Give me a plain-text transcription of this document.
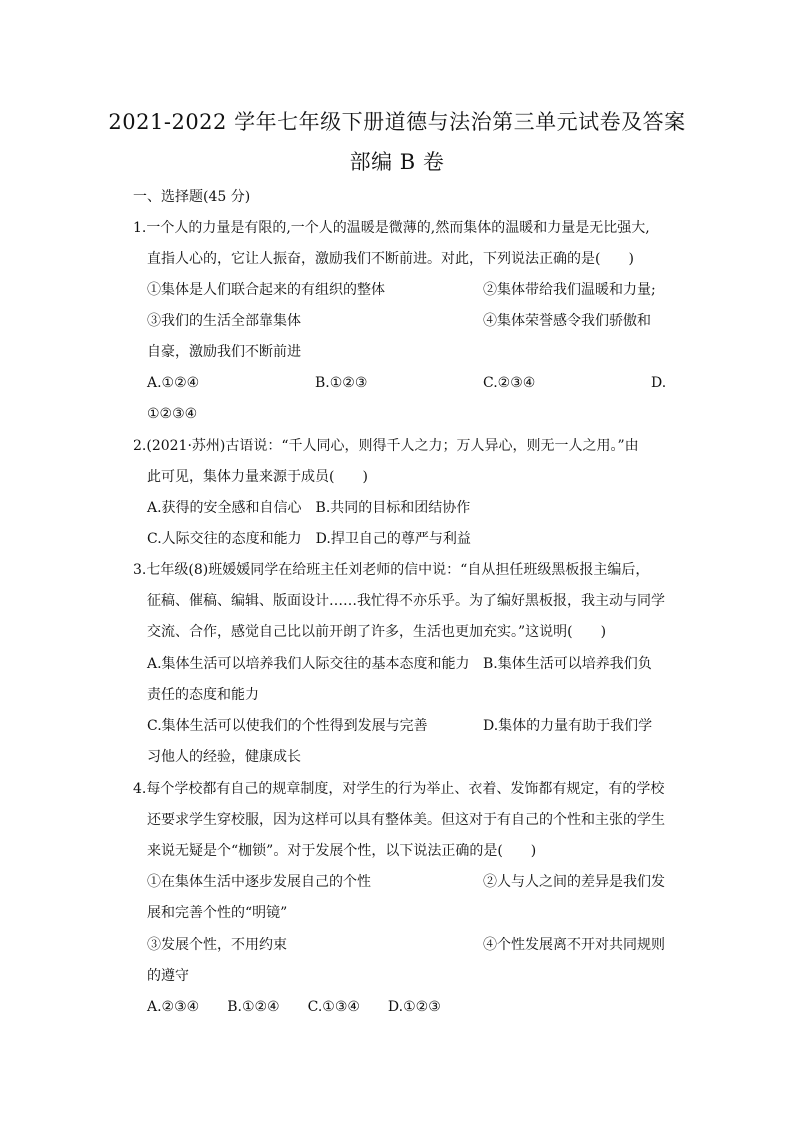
2021-2022 学年七年级下册道德与法治第三单元试卷及答案
部编 B 卷
一、选择题(45 分)
1.一个人的力量是有限的,一个人的温暖是微薄的,然而集体的温暖和力量是无比强大,
直指人心的，它让人振奋，激励我们不断前进。对此，下列说法正确的是(　　)
①集体是人们联合起来的有组织的整体	②集体带给我们温暖和力量;
③我们的生活全部靠集体	④集体荣誉感令我们骄傲和
自豪，激励我们不断前进
A.①②④	B.①②③	C.②③④	D.
①②③④
2.(2021·苏州)古语说：“千人同心，则得千人之力；万人异心，则无一人之用。”由
此可见，集体力量来源于成员(　　)
A.获得的安全感和自信心　B.共同的目标和团结协作
C.人际交往的态度和能力　D.捍卫自己的尊严与利益
3.七年级(8)班媛媛同学在给班主任刘老师的信中说：“自从担任班级黑板报主编后，
征稿、催稿、编辑、版面设计……我忙得不亦乐乎。为了编好黑板报，我主动与同学
交流、合作，感觉自己比以前开朗了许多，生活也更加充实。”这说明(　　)
A.集体生活可以培养我们人际交往的基本态度和能力 B.集体生活可以培养我们负
责任的态度和能力
C.集体生活可以使我们的个性得到发展与完善	D.集体的力量有助于我们学
习他人的经验，健康成长
4.每个学校都有自己的规章制度，对学生的行为举止、衣着、发饰都有规定，有的学校
还要求学生穿校服，因为这样可以具有整体美。但这对于有自己的个性和主张的学生
来说无疑是个“枷锁”。对于发展个性，以下说法正确的是(　　)
①在集体生活中逐步发展自己的个性	②人与人之间的差异是我们发
展和完善个性的“明镜”
③发展个性，不用约束	④个性发展离不开对共同规则
的遵守
A.②③④　　B.①②④　　C.①③④　　D.①②③
